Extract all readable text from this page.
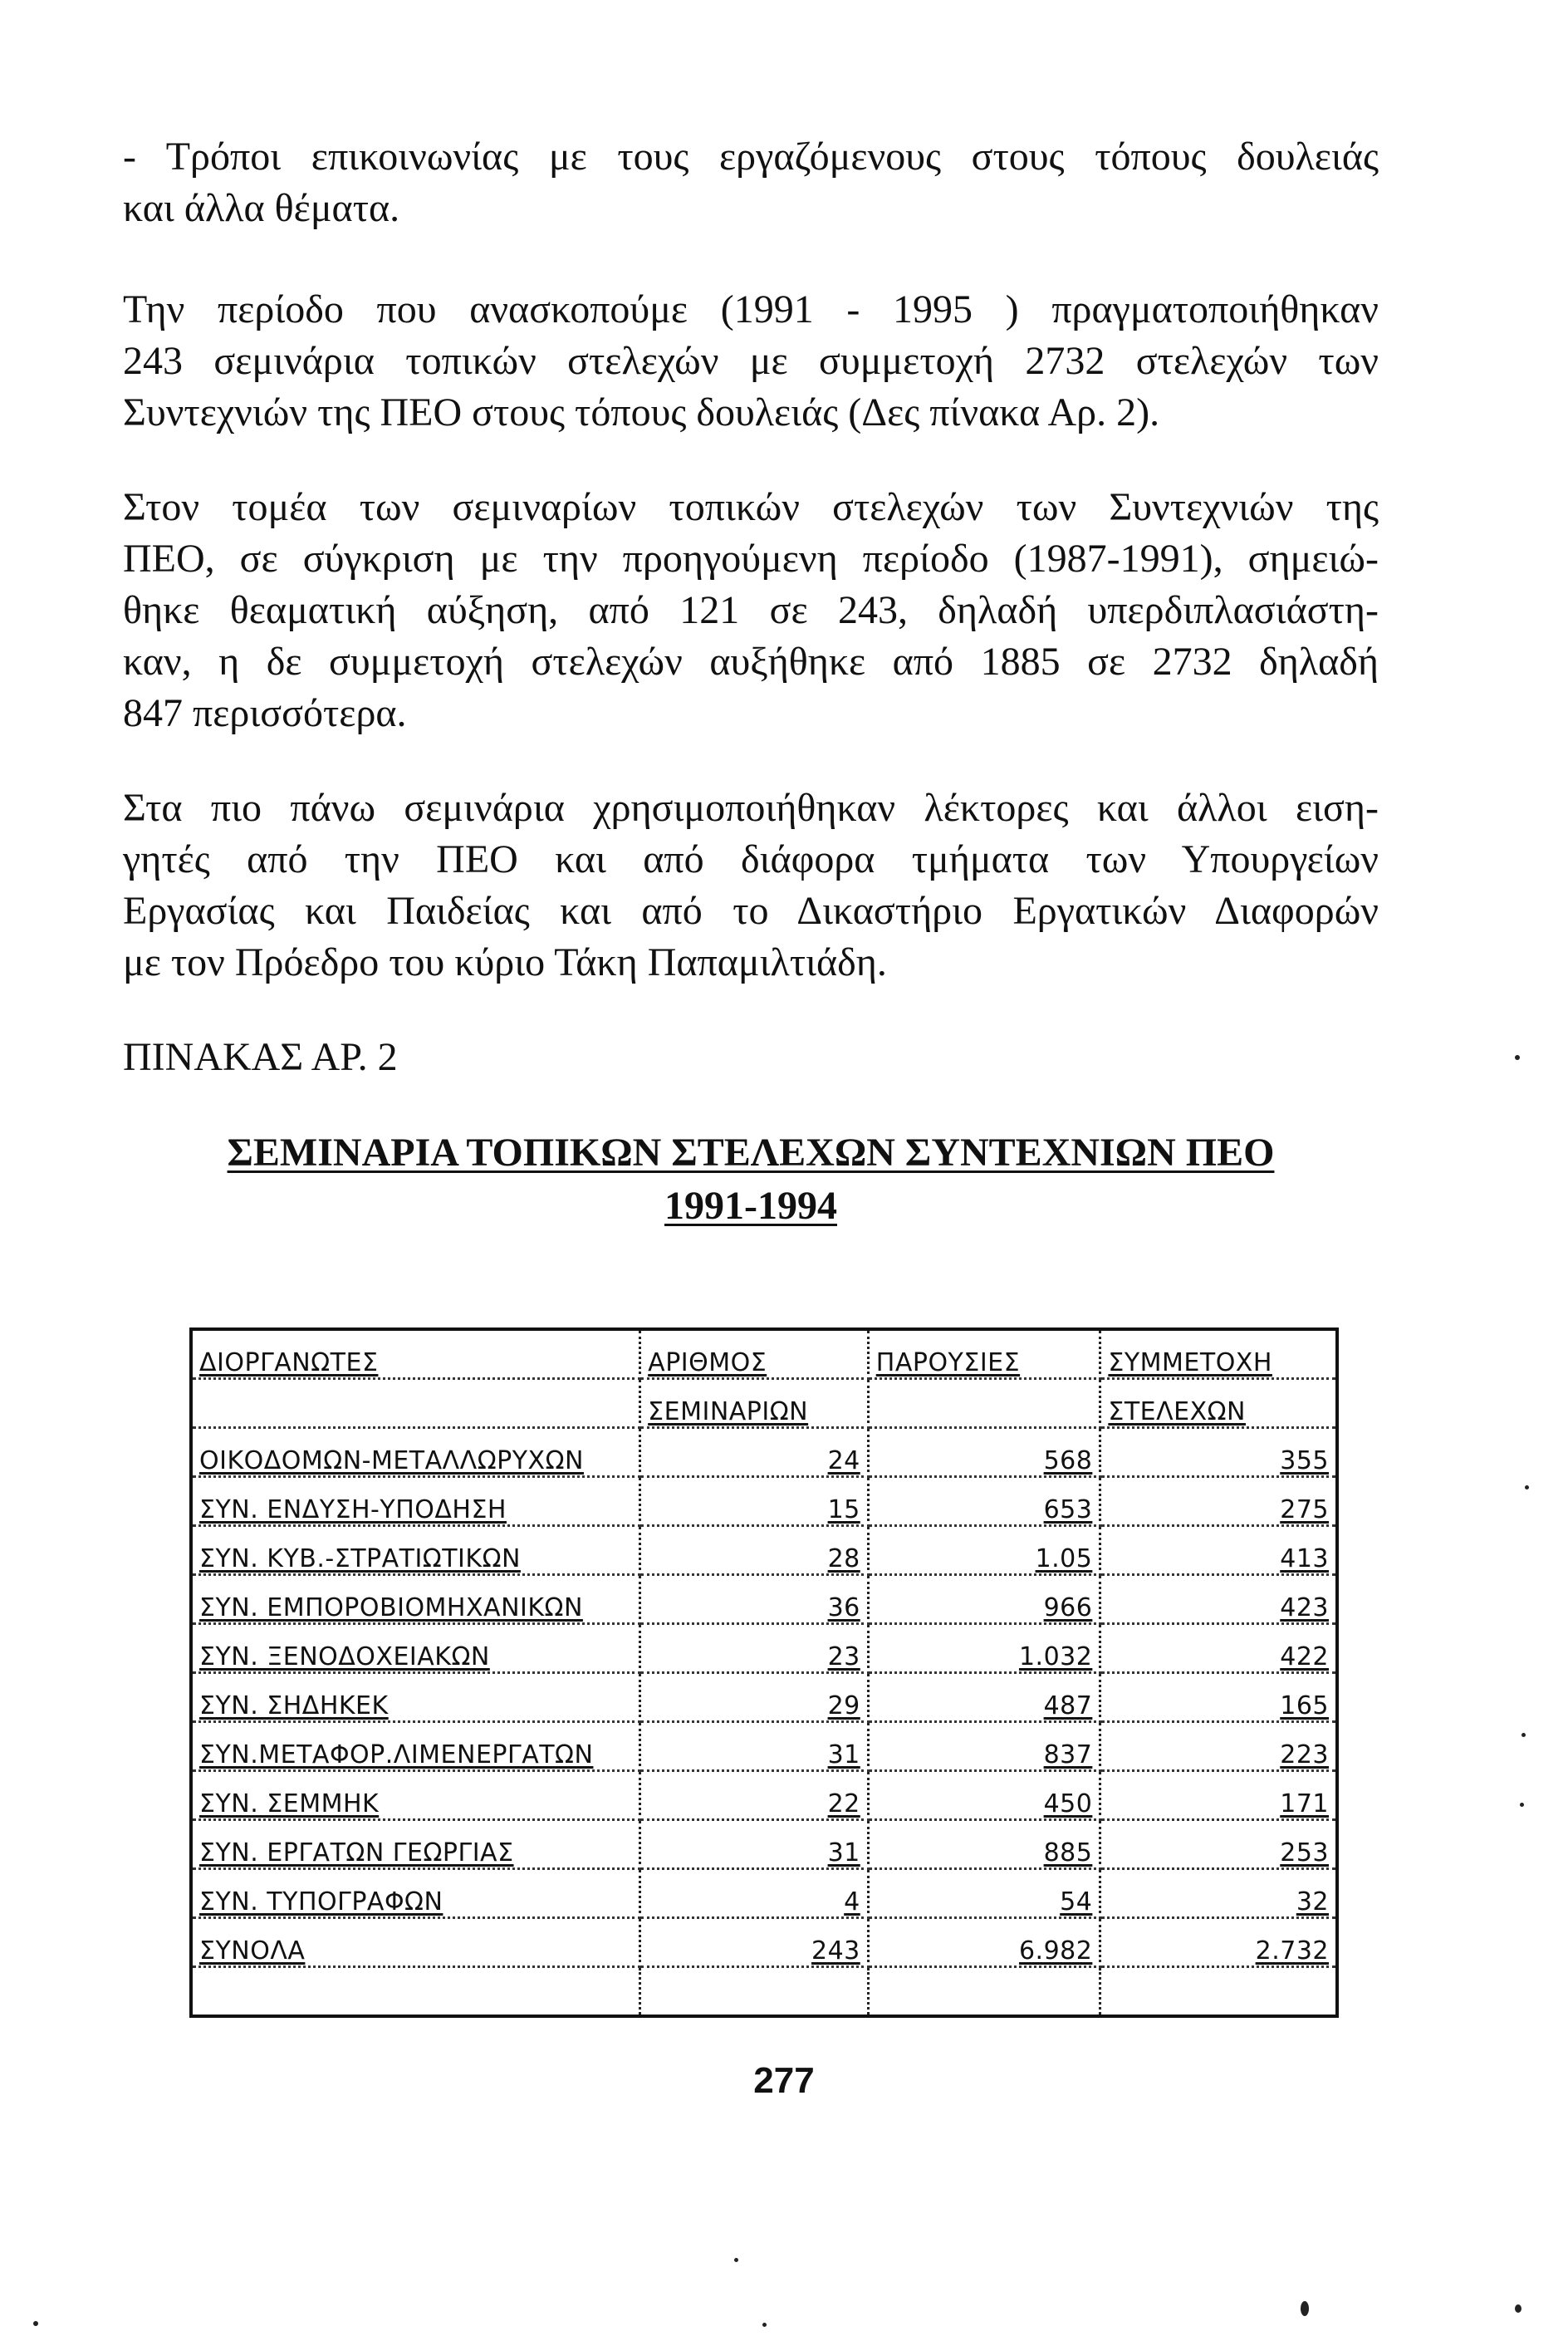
- Τρόποι επικοινωνίας με τους εργαζόμενους στους τόπους δουλειάς
και άλλα θέματα.

Την περίοδο που ανασκοπούμε (1991 - 1995 ) πραγματοποιήθηκαν
243 σεμινάρια τοπικών στελεχών με συμμετοχή 2732 στελεχών των
Συντεχνιών της ΠΕΟ στους τόπους δουλειάς (Δες πίνακα Αρ. 2).

Στον τομέα των σεμιναρίων τοπικών στελεχών των Συντεχνιών της
ΠΕΟ, σε σύγκριση με την προηγούμενη περίοδο (1987-1991), σημειώ-
θηκε θεαματική αύξηση, από 121 σε 243, δηλαδή υπερδιπλασιάστη-
καν, η δε συμμετοχή στελεχών αυξήθηκε από 1885 σε 2732 δηλαδή
847 περισσότερα.

Στα πιο πάνω σεμινάρια χρησιμοποιήθηκαν λέκτορες και άλλοι ειση-
γητές από την ΠΕΟ και από διάφορα τμήματα των Υπουργείων
Εργασίας και Παιδείας και από το Δικαστήριο Εργατικών Διαφορών
με τον Πρόεδρο του κύριο Τάκη Παπαμιλτιάδη.

ΠΙΝΑΚΑΣ ΑΡ. 2
ΣΕΜΙΝΑΡΙΑ ΤΟΠΙΚΩΝ ΣΤΕΛΕΧΩΝ ΣΥΝΤΕΧΝΙΩΝ ΠΕΟ
1991-1994
ΔΙΟΡΓΑΝΩΤΕΣ	ΑΡΙΘΜΟΣ	ΠΑΡΟΥΣΙΕΣ	ΣΥΜΜΕΤΟΧΗ
	ΣΕΜΙΝΑΡΙΩΝ		ΣΤΕΛΕΧΩΝ
ΟΙΚΟΔΟΜΩΝ-ΜΕΤΑΛΛΩΡΥΧΩΝ	24	568	355
ΣΥΝ. ΕΝΔΥΣΗ-ΥΠΟΔΗΣΗ	15	653	275
ΣΥΝ. ΚΥΒ.-ΣΤΡΑΤΙΩΤΙΚΩΝ	28	1.05	413
ΣΥΝ. ΕΜΠΟΡΟΒΙΟΜΗΧΑΝΙΚΩΝ	36	966	423
ΣΥΝ. ΞΕΝΟΔΟΧΕΙΑΚΩΝ	23	1.032	422
ΣΥΝ. ΣΗΔΗΚΕΚ	29	487	165
ΣΥΝ.ΜΕΤΑΦΟΡ.ΛΙΜΕΝΕΡΓΑΤΩΝ	31	837	223
ΣΥΝ. ΣΕΜΜΗΚ	22	450	171
ΣΥΝ. ΕΡΓΑΤΩΝ ΓΕΩΡΓΙΑΣ	31	885	253
ΣΥΝ. ΤΥΠΟΓΡΑΦΩΝ	4	54	32
ΣΥΝΟΛΑ	243	6.982	2.732

277
